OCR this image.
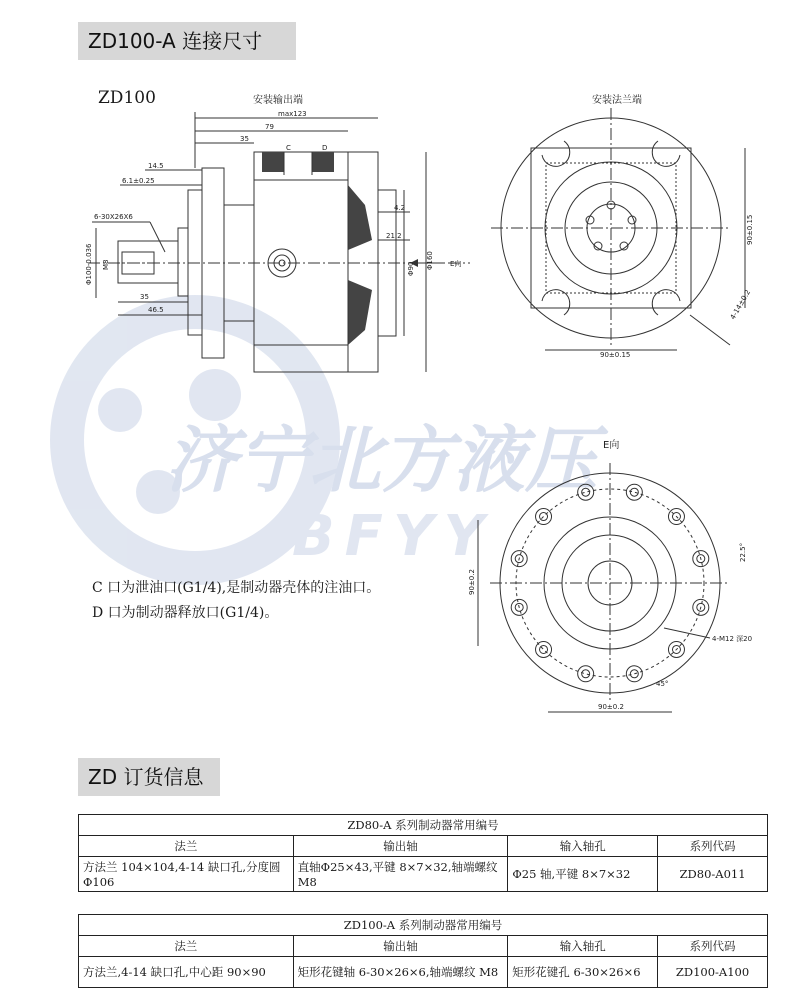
ZD100-A 连接尺寸
ZD 订货信息
ZD100
济宁北方液压
BFYY
安装输出端
E向
max123
79
35
C	D
14.5
6.1±0.25
6-30X26X6
Φ100-0.036 M8
35
46.5
4.2
21.2
Φ90 Φ160
安装法兰端
90±0.15
90±0.15
4-14±0.2
E向
90±0.2
90±0.2
22.5°
45°
4-M12 深20

C 口为泄油口(G1/4),是制动器壳体的注油口。

D 口为制动器释放口(G1/4)。

ZD80-A 系列制动器常用编号			
法兰	输出轴	输入轴孔	系列代码
方法兰 104×104,4-14 缺口孔,分度圆Φ106	直轴Φ25×43,平键 8×7×32,轴端螺纹 M8	Φ25 轴,平键 8×7×32	ZD80-A011
ZD100-A 系列制动器常用编号			
法兰	输出轴	输入轴孔	系列代码
方法兰,4-14 缺口孔,中心距 90×90	矩形花键轴 6-30×26×6,轴端螺纹 M8	矩形花键孔 6-30×26×6	ZD100-A100
